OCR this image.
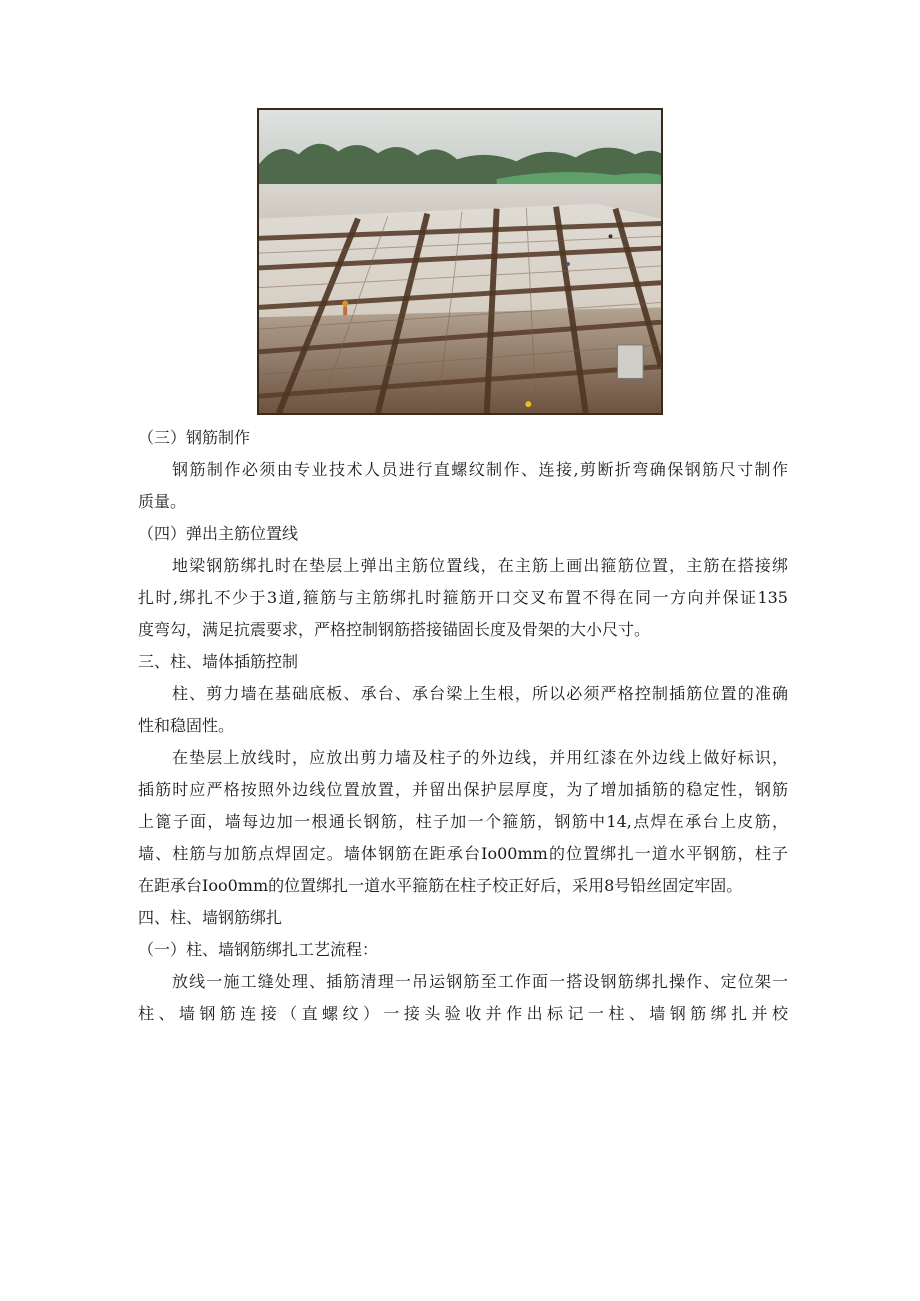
（三）钢筋制作
钢筋制作必须由专业技术人员进行直螺纹制作、连接,剪断折弯确保钢筋尺寸制作
质量。
（四）弹出主筋位置线
地梁钢筋绑扎时在垫层上弹出主筋位置线，在主筋上画出箍筋位置，主筋在搭接绑
扎时,绑扎不少于3道,箍筋与主筋绑扎时箍筋开口交叉布置不得在同一方向并保证135
度弯勾，满足抗震要求，严格控制钢筋搭接锚固长度及骨架的大小尺寸。
三、柱、墙体插筋控制
柱、剪力墙在基础底板、承台、承台梁上生根，所以必须严格控制插筋位置的准确
性和稳固性。
在垫层上放线时，应放出剪力墙及柱子的外边线，并用红漆在外边线上做好标识，
插筋时应严格按照外边线位置放置，并留出保护层厚度，为了增加插筋的稳定性，钢筋
上篦子面，墙每边加一根通长钢筋，柱子加一个箍筋，钢筋中14,点焊在承台上皮筋，
墙、柱筋与加筋点焊固定。墙体钢筋在距承台Io00mm的位置绑扎一道水平钢筋，柱子
在距承台Ioo0mm的位置绑扎一道水平箍筋在柱子校正好后，采用8号铅丝固定牢固。
四、柱、墙钢筋绑扎
（一）柱、墙钢筋绑扎工艺流程：
放线一施工缝处理、插筋清理一吊运钢筋至工作面一搭设钢筋绑扎操作、定位架一
柱、墙钢筋连接（直螺纹）一接头验收并作出标记一柱、墙钢筋绑扎并校
